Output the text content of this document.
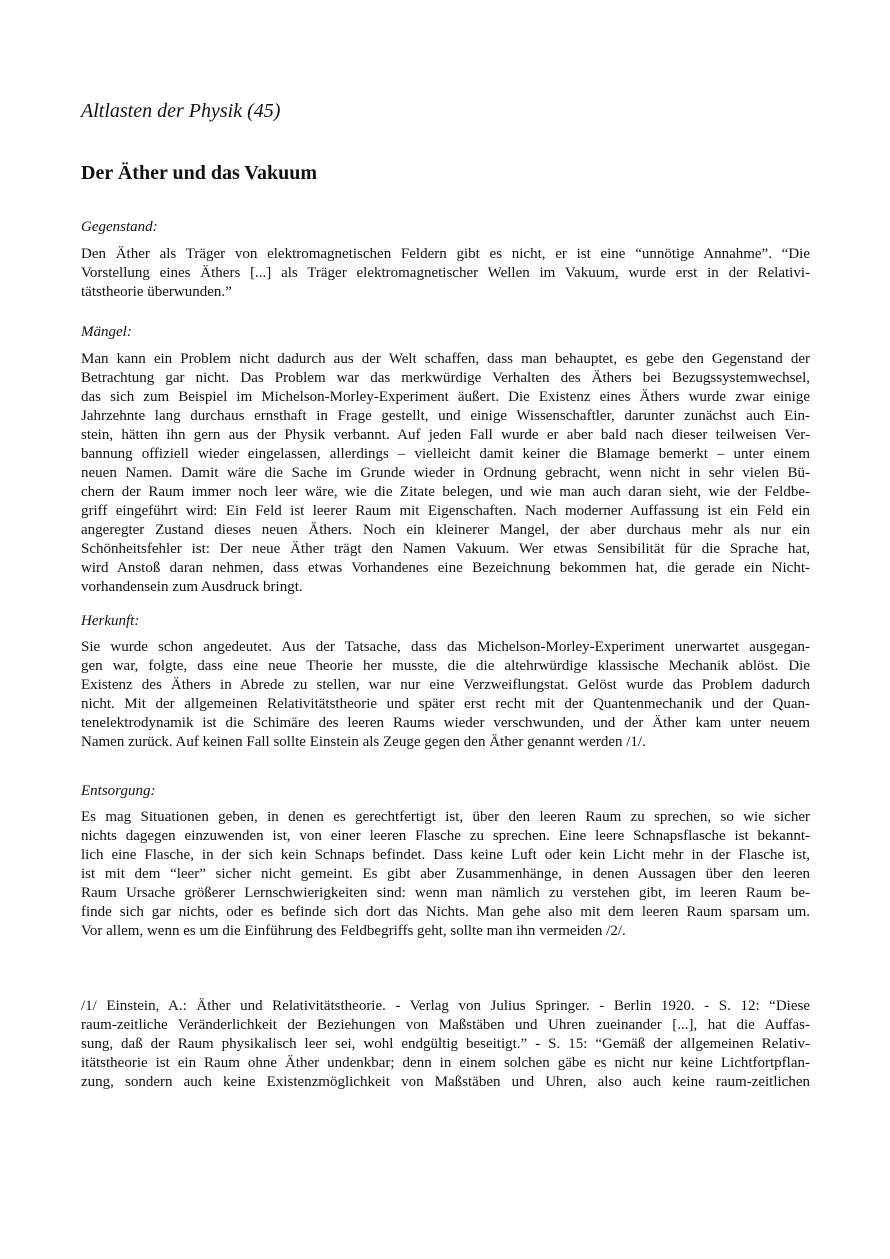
Altlasten der Physik (45)
Der Äther und das Vakuum
Gegenstand:
Den Äther als Träger von elektromagnetischen Feldern gibt es nicht, er ist eine “unnötige Annahme”. “Die
Vorstellung eines Äthers [...] als Träger elektromagnetischer Wellen im Vakuum, wurde erst in der Relativi-
tätstheorie überwunden.”
Mängel:
Man kann ein Problem nicht dadurch aus der Welt schaffen, dass man behauptet, es gebe den Gegenstand der
Betrachtung gar nicht. Das Problem war das merkwürdige Verhalten des Äthers bei Bezugssystemwechsel,
das sich zum Beispiel im Michelson-Morley-Experiment äußert. Die Existenz eines Äthers wurde zwar einige
Jahrzehnte lang durchaus ernsthaft in Frage gestellt, und einige Wissenschaftler, darunter zunächst auch Ein-
stein, hätten ihn gern aus der Physik verbannt. Auf jeden Fall wurde er aber bald nach dieser teilweisen Ver-
bannung offiziell wieder eingelassen, allerdings – vielleicht damit keiner die Blamage bemerkt – unter einem
neuen Namen. Damit wäre die Sache im Grunde wieder in Ordnung gebracht, wenn nicht in sehr vielen Bü-
chern der Raum immer noch leer wäre, wie die Zitate belegen, und wie man auch daran sieht, wie der Feldbe-
griff eingeführt wird: Ein Feld ist leerer Raum mit Eigenschaften. Nach moderner Auffassung ist ein Feld ein
angeregter Zustand dieses neuen Äthers. Noch ein kleinerer Mangel, der aber durchaus mehr als nur ein
Schönheitsfehler ist: Der neue Äther trägt den Namen Vakuum. Wer etwas Sensibilität für die Sprache hat,
wird Anstoß daran nehmen, dass etwas Vorhandenes eine Bezeichnung bekommen hat, die gerade ein Nicht-
vorhandensein zum Ausdruck bringt.
Herkunft:
Sie wurde schon angedeutet. Aus der Tatsache, dass das Michelson-Morley-Experiment unerwartet ausgegan-
gen war, folgte, dass eine neue Theorie her musste, die die altehrwürdige klassische Mechanik ablöst. Die
Existenz des Äthers in Abrede zu stellen, war nur eine Verzweiflungstat. Gelöst wurde das Problem dadurch
nicht. Mit der allgemeinen Relativitätstheorie und später erst recht mit der Quantenmechanik und der Quan-
tenelektrodynamik ist die Schimäre des leeren Raums wieder verschwunden, und der Äther kam unter neuem
Namen zurück. Auf keinen Fall sollte Einstein als Zeuge gegen den Äther genannt werden /1/.
Entsorgung:
Es mag Situationen geben, in denen es gerechtfertigt ist, über den leeren Raum zu sprechen, so wie sicher
nichts dagegen einzuwenden ist, von einer leeren Flasche zu sprechen. Eine leere Schnapsflasche ist bekannt-
lich eine Flasche, in der sich kein Schnaps befindet. Dass keine Luft oder kein Licht mehr in der Flasche ist,
ist mit dem “leer” sicher nicht gemeint. Es gibt aber Zusammenhänge, in denen Aussagen über den leeren
Raum Ursache größerer Lernschwierigkeiten sind: wenn man nämlich zu verstehen gibt, im leeren Raum be-
finde sich gar nichts, oder es befinde sich dort das Nichts. Man gehe also mit dem leeren Raum sparsam um.
Vor allem, wenn es um die Einführung des Feldbegriffs geht, sollte man ihn vermeiden /2/.
/1/ Einstein, A.: Äther und Relativitätstheorie. - Verlag von Julius Springer. - Berlin 1920. - S. 12: “Diese
raum-zeitliche Veränderlichkeit der Beziehungen von Maßstäben und Uhren zueinander [...], hat die Auffas-
sung, daß der Raum physikalisch leer sei, wohl endgültig beseitigt.” - S. 15: “Gemäß der allgemeinen Relativ-
itätstheorie ist ein Raum ohne Äther undenkbar; denn in einem solchen gäbe es nicht nur keine Lichtfortpflan-
zung, sondern auch keine Existenzmöglichkeit von Maßstäben und Uhren, also auch keine raum-zeitlichen
